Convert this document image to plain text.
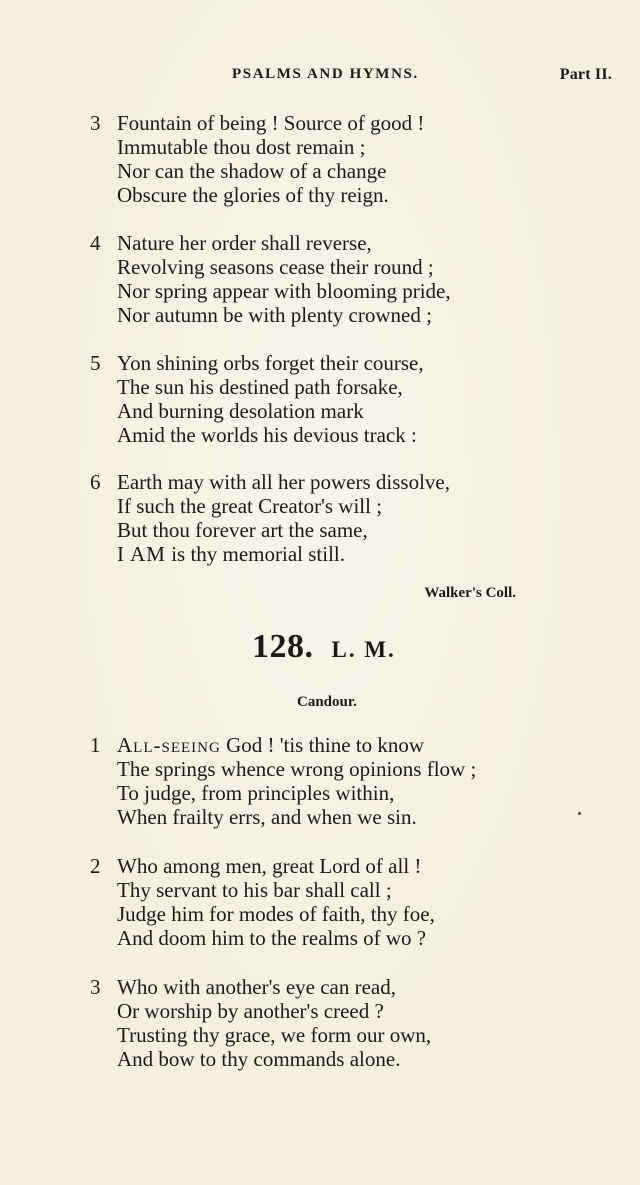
PSALMS AND HYMNS.	Part II.
3 Fountain of being ! Source of good !
Immutable thou dost remain ;
Nor can the shadow of a change
Obscure the glories of thy reign.
4 Nature her order shall reverse,
Revolving seasons cease their round ;
Nor spring appear with blooming pride,
Nor autumn be with plenty crowned ;
5 Yon shining orbs forget their course,
The sun his destined path forsake,
And burning desolation mark
Amid the worlds his devious track :
6 Earth may with all her powers dissolve,
If such the great Creator's will ;
But thou forever art the same,
I AM is thy memorial still.
Walker's Coll.
128. L. M.
Candour.
1 All-seeing God ! 'tis thine to know
The springs whence wrong opinions flow ;
To judge, from principles within,
When frailty errs, and when we sin.
2 Who among men, great Lord of all !
Thy servant to his bar shall call ;
Judge him for modes of faith, thy foe,
And doom him to the realms of wo ?
3 Who with another's eye can read,
Or worship by another's creed ?
Trusting thy grace, we form our own,
And bow to thy commands alone.
